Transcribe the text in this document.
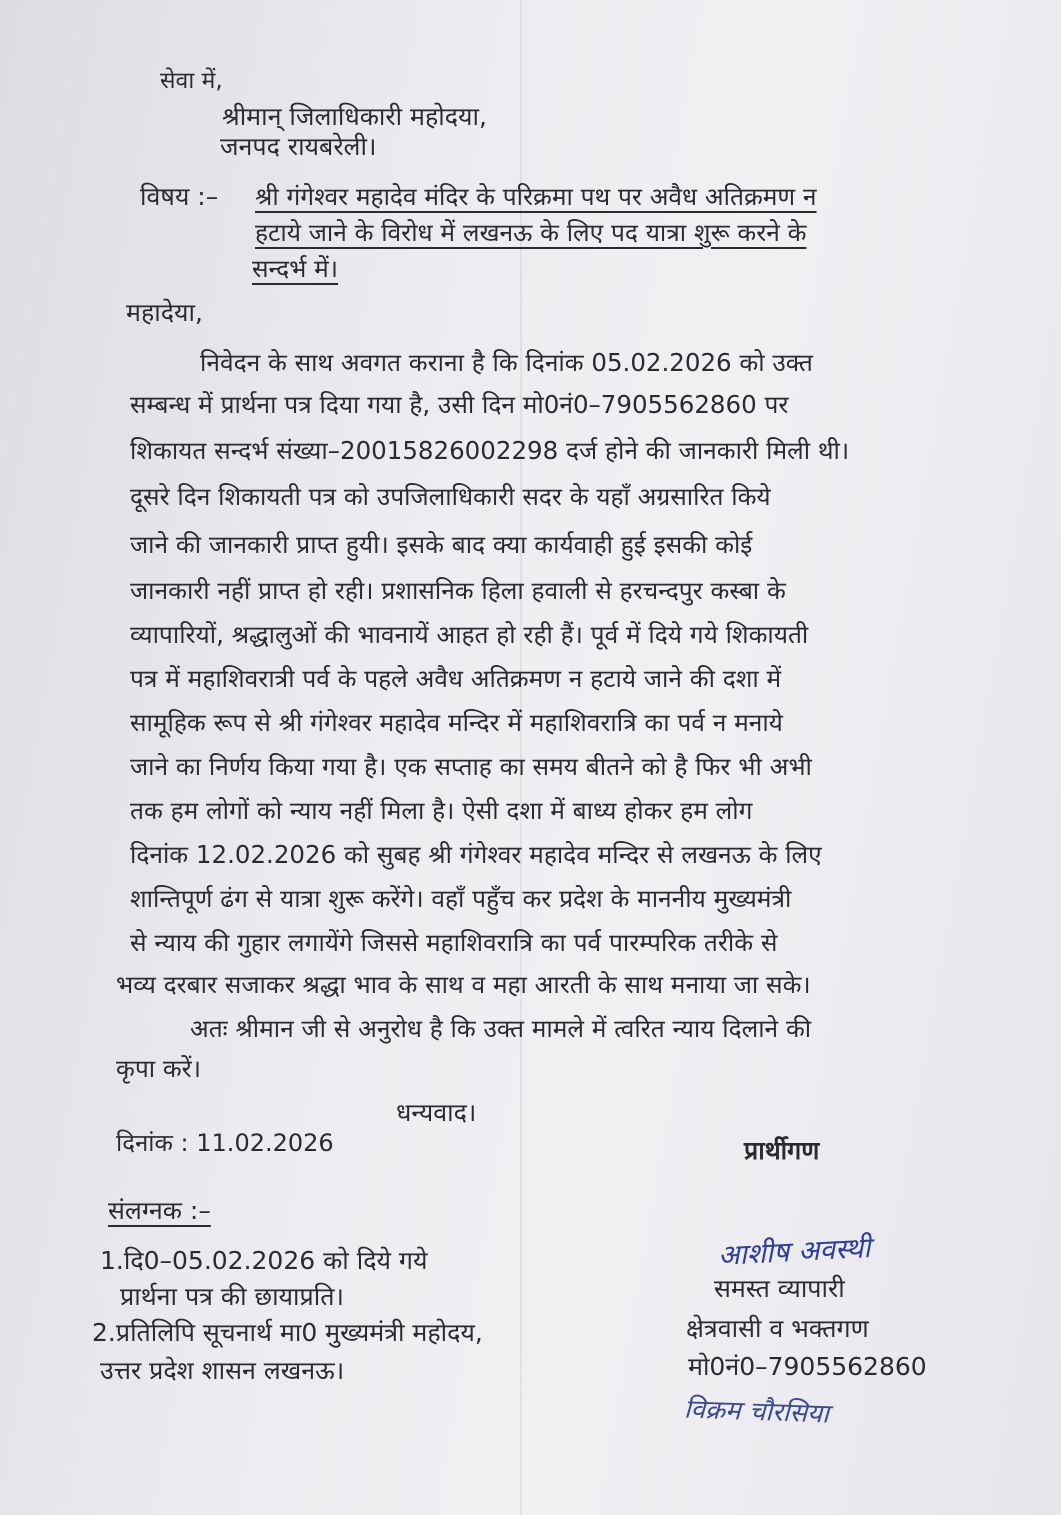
सेवा में,
श्रीमान् जिलाधिकारी महोदया,
जनपद रायबरेली।
विषय :– श्री गंगेश्वर महादेव मंदिर के परिक्रमा पथ पर अवैध अतिक्रमण न
हटाये जाने के विरोध में लखनऊ के लिए पद यात्रा शुरू करने के
सन्दर्भ में।
महादेया,
निवेदन के साथ अवगत कराना है कि दिनांक 05.02.2026 को उक्त
सम्बन्ध में प्रार्थना पत्र दिया गया है, उसी दिन मो0नं0–7905562860 पर
शिकायत सन्दर्भ संख्या–20015826002298 दर्ज होने की जानकारी मिली थी।
दूसरे दिन शिकायती पत्र को उपजिलाधिकारी सदर के यहाँ अग्रसारित किये
जाने की जानकारी प्राप्त हुयी। इसके बाद क्या कार्यवाही हुई इसकी कोई
जानकारी नहीं प्राप्त हो रही। प्रशासनिक हिला हवाली से हरचन्दपुर कस्बा के
व्यापारियों, श्रद्धालुओं की भावनायें आहत हो रही हैं। पूर्व में दिये गये शिकायती
पत्र में महाशिवरात्री पर्व के पहले अवैध अतिक्रमण न हटाये जाने की दशा में
सामूहिक रूप से श्री गंगेश्वर महादेव मन्दिर में महाशिवरात्रि का पर्व न मनाये
जाने का निर्णय किया गया है। एक सप्ताह का समय बीतने को है फिर भी अभी
तक हम लोगों को न्याय नहीं मिला है। ऐसी दशा में बाध्य होकर हम लोग
दिनांक 12.02.2026 को सुबह श्री गंगेश्वर महादेव मन्दिर से लखनऊ के लिए
शान्तिपूर्ण ढंग से यात्रा शुरू करेंगे। वहाँ पहुँच कर प्रदेश के माननीय मुख्यमंत्री
से न्याय की गुहार लगायेंगे जिससे महाशिवरात्रि का पर्व पारम्परिक तरीके से
भव्य दरबार सजाकर श्रद्धा भाव के साथ व महा आरती के साथ मनाया जा सके।
अतः श्रीमान जी से अनुरोध है कि उक्त मामले में त्वरित न्याय दिलाने की
कृपा करें।
धन्यवाद।
दिनांक : 11.02.2026	प्रार्थीगण
संलग्नक :–
1.दि0–05.02.2026 को दिये गये
प्रार्थना पत्र की छायाप्रति।
2.प्रतिलिपि सूचनार्थ मा0 मुख्यमंत्री महोदय,
उत्तर प्रदेश शासन लखनऊ।
आशीष अवस्थी
समस्त व्यापारी
क्षेत्रवासी व भक्तगण
मो0नं0–7905562860
विक्रम चौरसिया
